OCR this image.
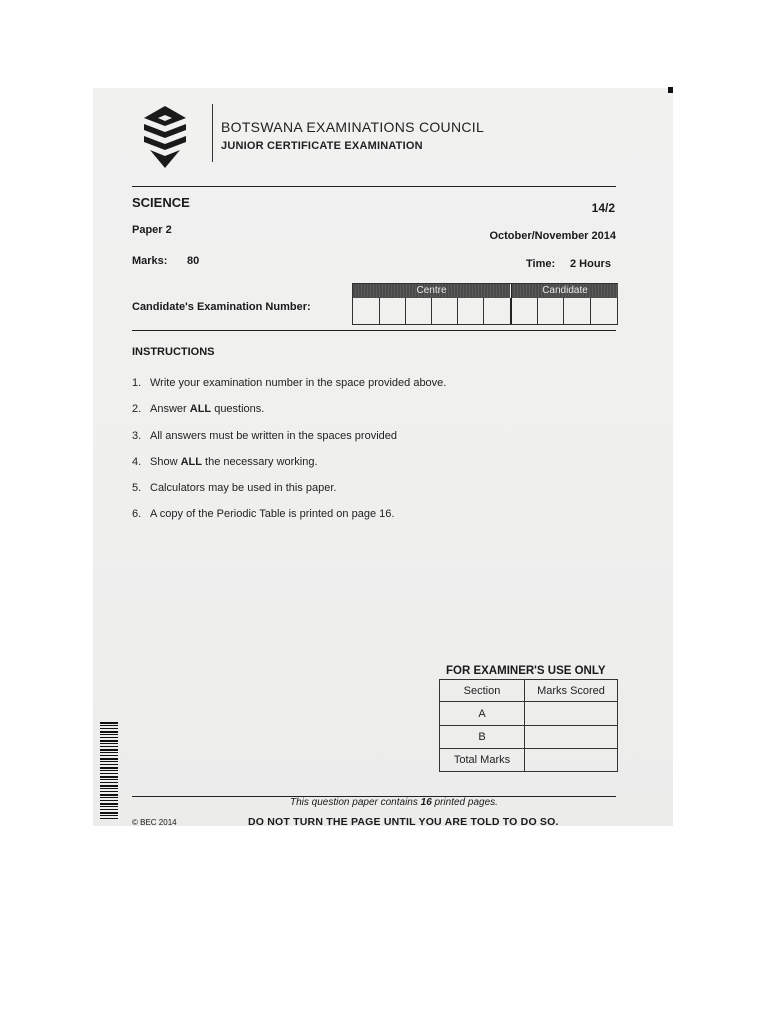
BOTSWANA EXAMINATIONS COUNCIL
JUNIOR CERTIFICATE EXAMINATION
SCIENCE	14/2
Paper 2	October/November 2014
Marks: 80	Time: 2 Hours
Candidate's Examination Number:
Centre	Candidate
INSTRUCTIONS
1. Write your examination number in the space provided above.
2. Answer ALL questions.
3. All answers must be written in the spaces provided
4. Show ALL the necessary working.
5. Calculators may be used in this paper.
6. A copy of the Periodic Table is printed on page 16.
FOR EXAMINER'S USE ONLY
Section	Marks Scored
A	
B	
Total Marks	
This question paper contains 16 printed pages.
DO NOT TURN THE PAGE UNTIL YOU ARE TOLD TO DO SO.
© BEC 2014
